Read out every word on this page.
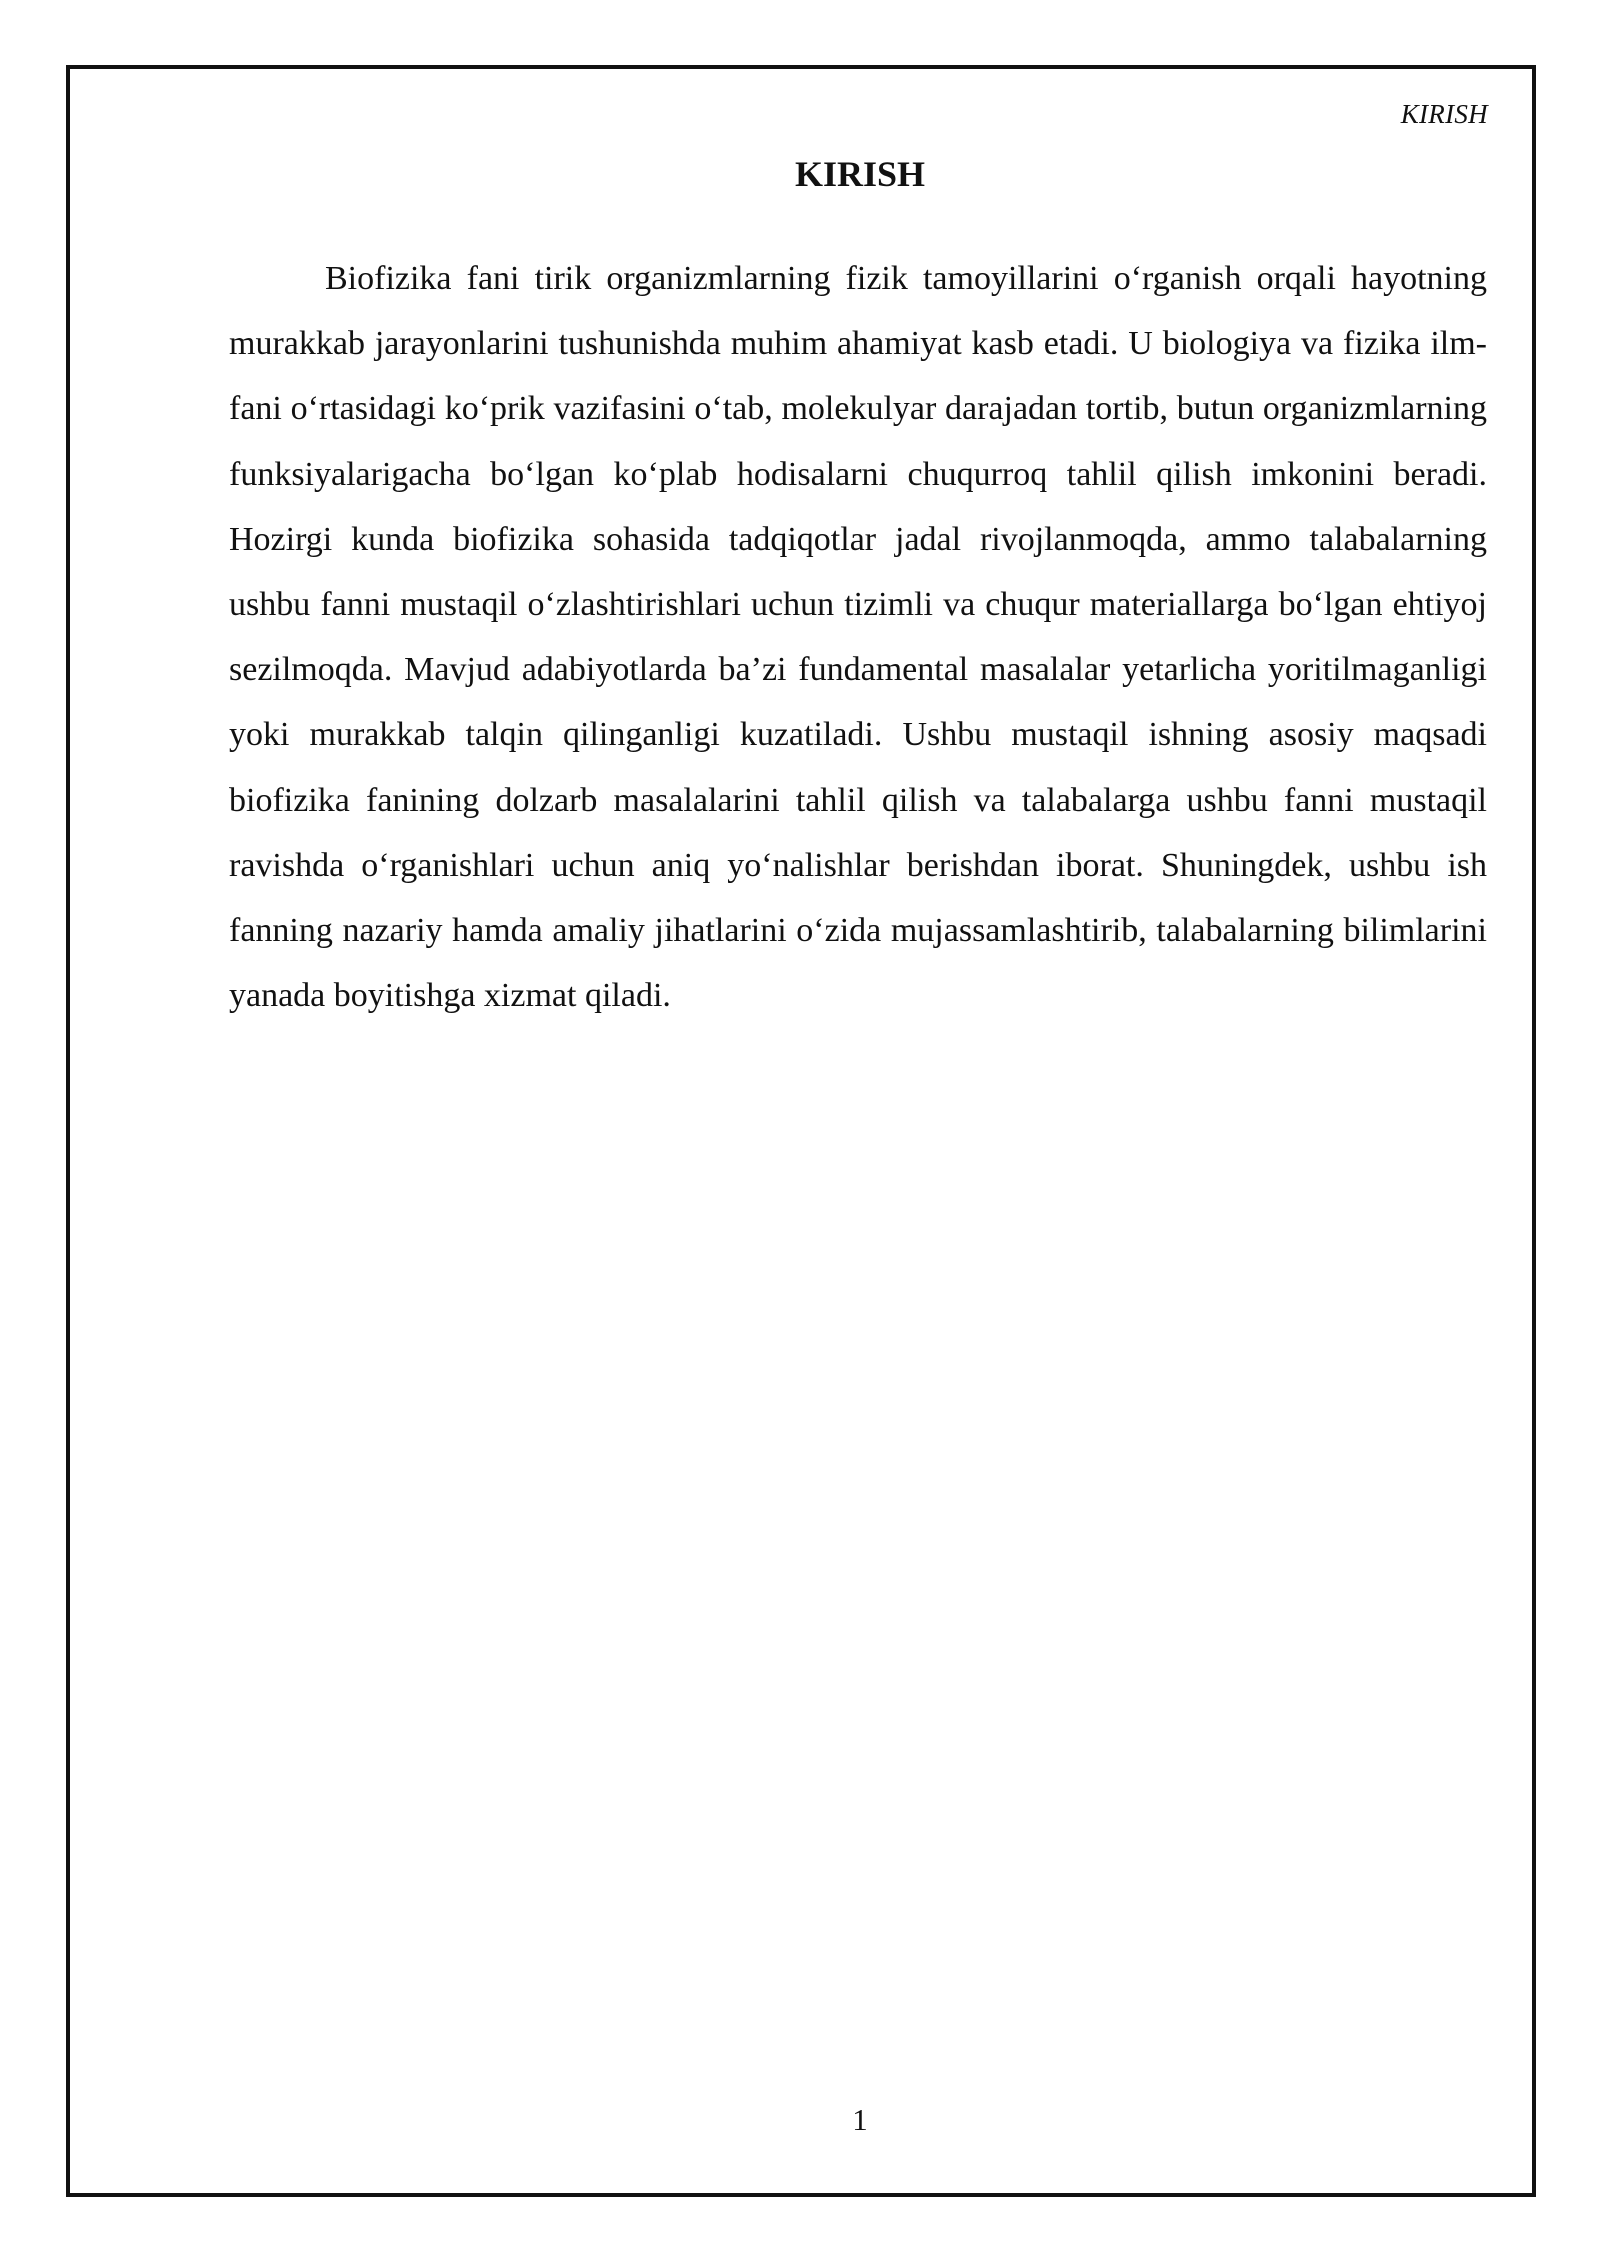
KIRISH
KIRISH

Biofizika fani tirik organizmlarning fizik tamoyillarini o‘rganish orqali hayotning murakkab jarayonlarini tushunishda muhim ahamiyat kasb etadi. U biologiya va fizika ilm-fani o‘rtasidagi ko‘prik vazifasini o‘tab, molekulyar darajadan tortib, butun organizmlarning funksiyalarigacha bo‘lgan ko‘plab hodisalarni chuqurroq tahlil qilish imkonini beradi. Hozirgi kunda biofizika sohasida tadqiqotlar jadal rivojlanmoqda, ammo talabalarning ushbu fanni mustaqil o‘zlashtirishlari uchun tizimli va chuqur materiallarga bo‘lgan ehtiyoj sezilmoqda. Mavjud adabiyotlarda ba’zi fundamental masalalar yetarlicha yoritilmaganligi yoki murakkab talqin qilinganligi kuzatiladi. Ushbu mustaqil ishning asosiy maqsadi biofizika fanining dolzarb masalalarini tahlil qilish va talabalarga ushbu fanni mustaqil ravishda o‘rganishlari uchun aniq yo‘nalishlar berishdan iborat. Shuningdek, ushbu ish fanning nazariy hamda amaliy jihatlarini o‘zida mujassamlashtirib, talabalarning bilimlarini yanada boyitishga xizmat qiladi.

1
